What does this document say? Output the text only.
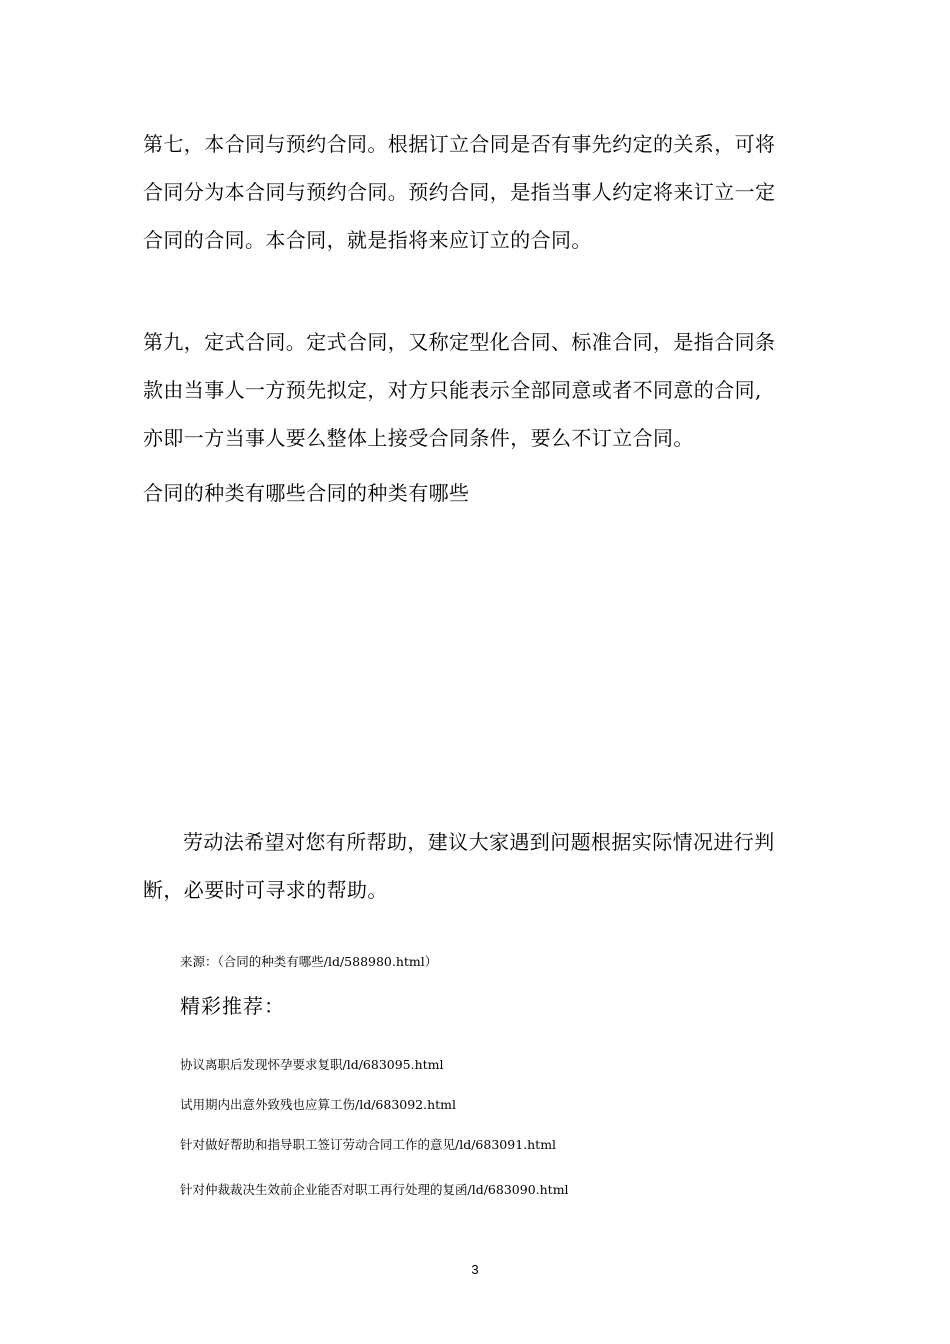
第七，本合同与预约合同。根据订立合同是否有事先约定的关系，可将
合同分为本合同与预约合同。预约合同，是指当事人约定将来订立一定
合同的合同。本合同，就是指将来应订立的合同。
第九，定式合同。定式合同，又称定型化合同、标准合同，是指合同条
款由当事人一方预先拟定，对方只能表示全部同意或者不同意的合同,
亦即一方当事人要么整体上接受合同条件，要么不订立合同。
合同的种类有哪些合同的种类有哪些
劳动法希望对您有所帮助，建议大家遇到问题根据实际情况进行判
断，必要时可寻求的帮助。
来源：（合同的种类有哪些/ld/588980.html）
精彩推荐：
协议离职后发现怀孕要求复职/ld/683095.html
试用期内出意外致残也应算工伤/ld/683092.html
针对做好帮助和指导职工签订劳动合同工作的意见/ld/683091.html
针对仲裁裁决生效前企业能否对职工再行处理的复函/ld/683090.html
3
